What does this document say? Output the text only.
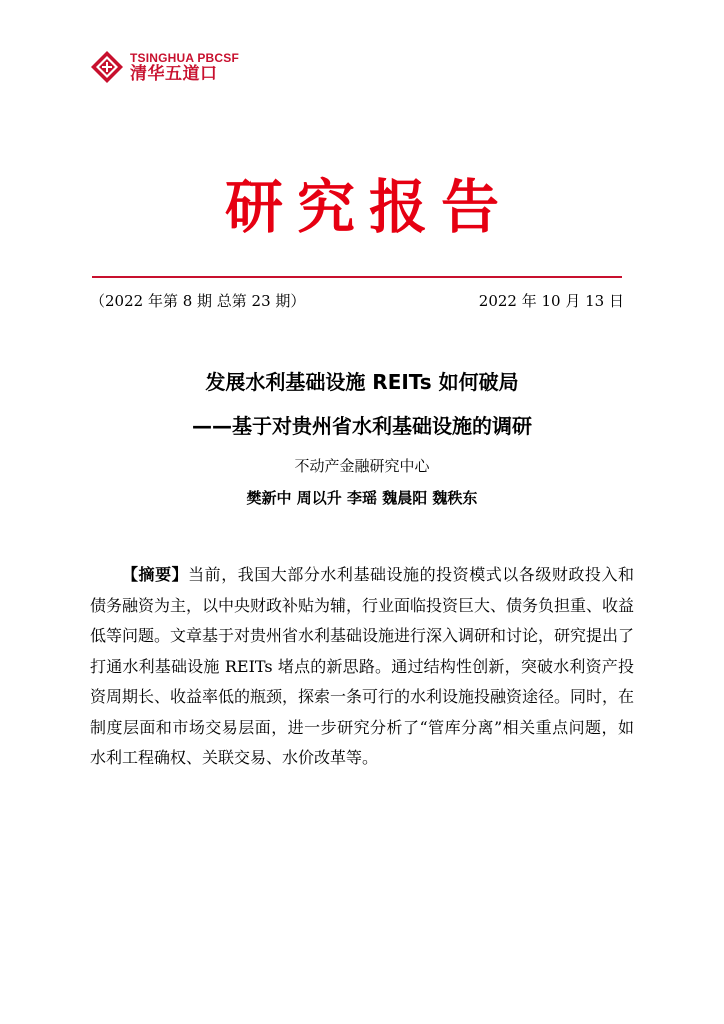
TSINGHUA PBCSF
清华五道口
研究报告
（2022 年第 8 期 总第 23 期）	2022 年 10 月 13 日
发展水利基础设施 REITs 如何破局
——基于对贵州省水利基础设施的调研
不动产金融研究中心
樊新中 周以升 李瑶 魏晨阳 魏秩东

【摘要】当前，我国大部分水利基础设施的投资模式以各级财政投入和债务融资为主，以中央财政补贴为辅，行业面临投资巨大、债务负担重、收益低等问题。文章基于对贵州省水利基础设施进行深入调研和讨论，研究提出了打通水利基础设施 REITs 堵点的新思路。通过结构性创新，突破水利资产投资周期长、收益率低的瓶颈，探索一条可行的水利设施投融资途径。同时，在制度层面和市场交易层面，进一步研究分析了“管库分离”相关重点问题，如水利工程确权、关联交易、水价改革等。
